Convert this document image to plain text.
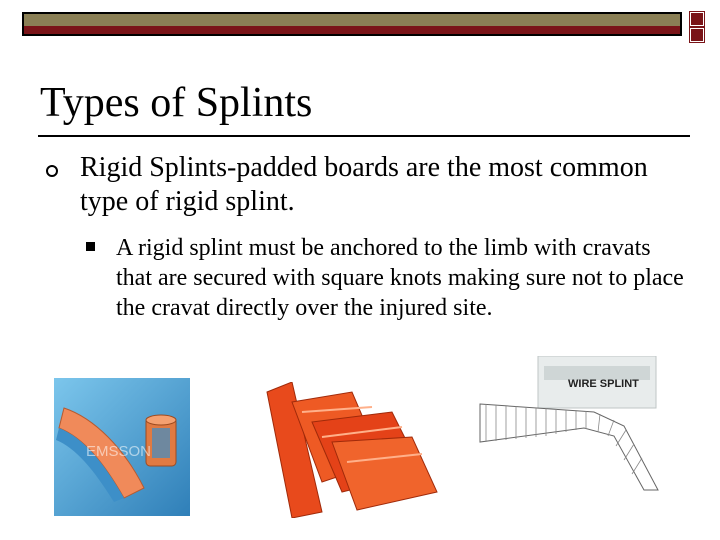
Types of Splints

Rigid Splints-padded boards are the most common type of rigid splint.

A rigid splint must be anchored to the limb with cravats that are secured with square knots making sure not to place the cravat directly over the injured site.

EMSSON
WIRE SPLINT
